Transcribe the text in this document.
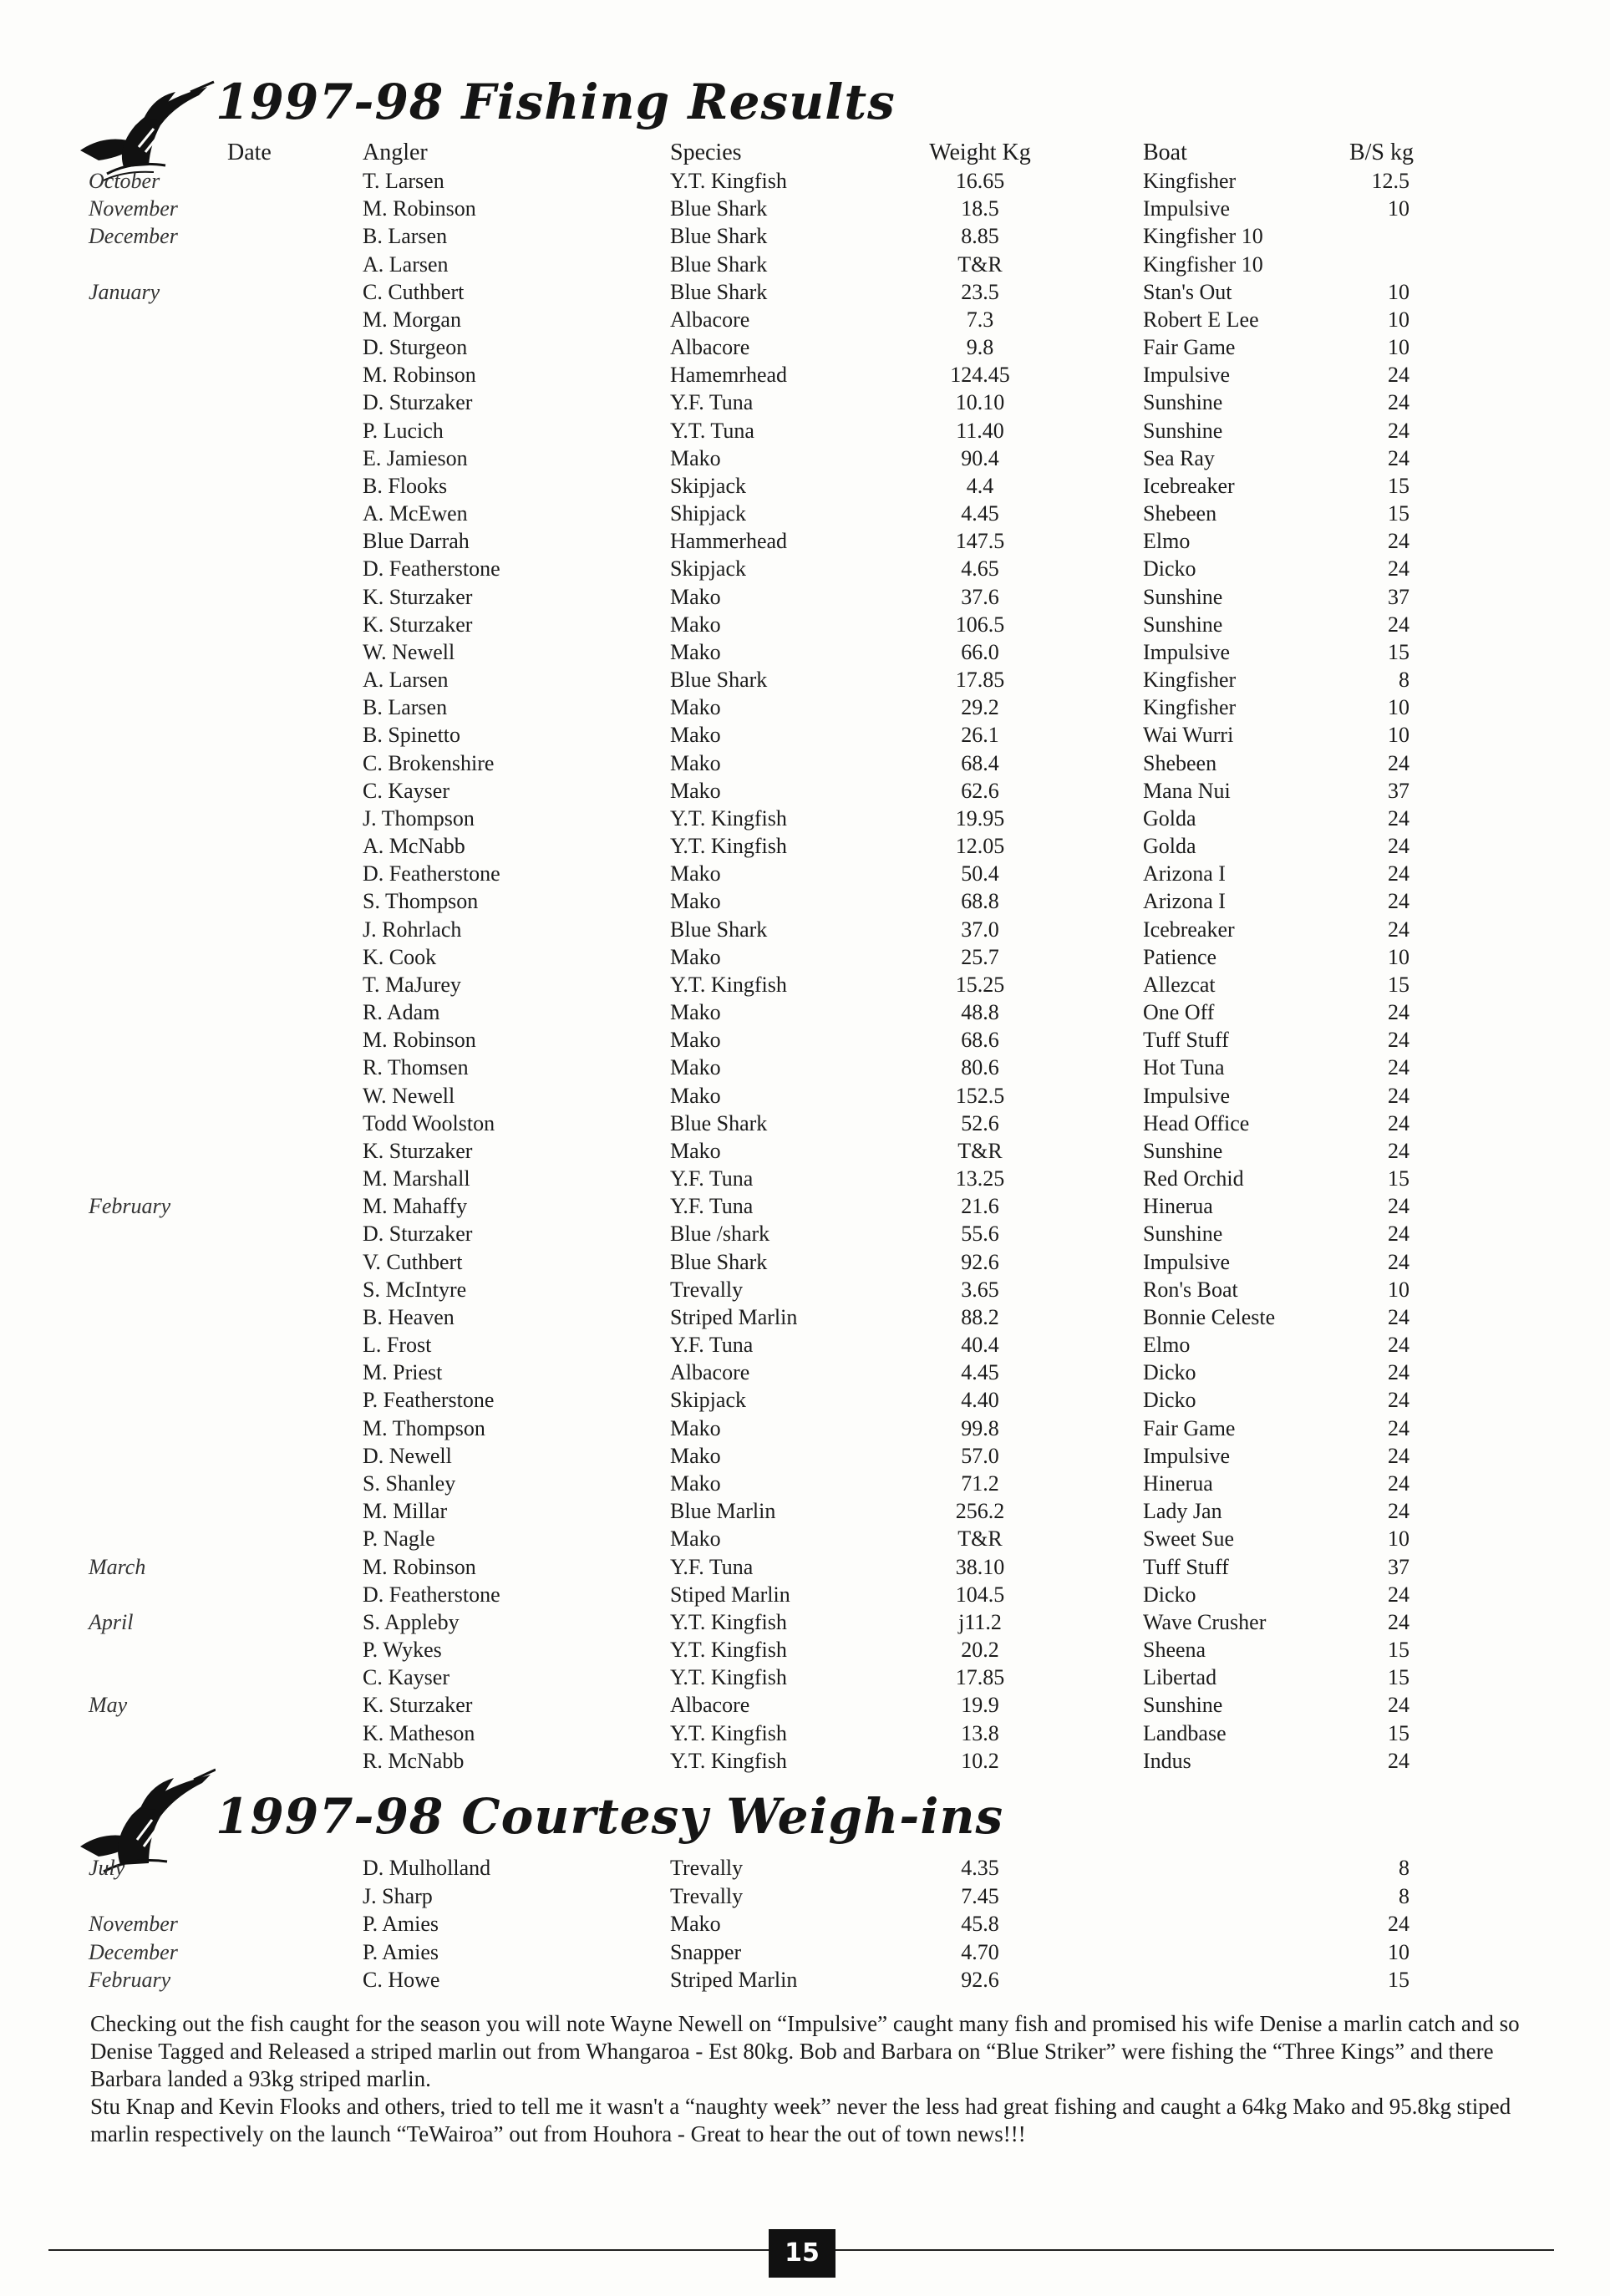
1997-98 Fishing Results
Date	Angler	Species	Weight Kg	Boat	B/S kg
October	T. Larsen	Y.T. Kingfish	16.65	Kingfisher	12.5
November	M. Robinson	Blue Shark	18.5	Impulsive	10
December	B. Larsen	Blue Shark	8.85	Kingfisher 10
A. Larsen	Blue Shark	T&R	Kingfisher 10
January	C. Cuthbert	Blue Shark	23.5	Stan's Out	10
M. Morgan	Albacore	7.3	Robert E Lee	10
D. Sturgeon	Albacore	9.8	Fair Game	10
M. Robinson	Hamemrhead	124.45	Impulsive	24
D. Sturzaker	Y.F. Tuna	10.10	Sunshine	24
P. Lucich	Y.T. Tuna	11.40	Sunshine	24
E. Jamieson	Mako	90.4	Sea Ray	24
B. Flooks	Skipjack	4.4	Icebreaker	15
A. McEwen	Shipjack	4.45	Shebeen	15
Blue Darrah	Hammerhead	147.5	Elmo	24
D. Featherstone	Skipjack	4.65	Dicko	24
K. Sturzaker	Mako	37.6	Sunshine	37
K. Sturzaker	Mako	106.5	Sunshine	24
W. Newell	Mako	66.0	Impulsive	15
A. Larsen	Blue Shark	17.85	Kingfisher	8
B. Larsen	Mako	29.2	Kingfisher	10
B. Spinetto	Mako	26.1	Wai Wurri	10
C. Brokenshire	Mako	68.4	Shebeen	24
C. Kayser	Mako	62.6	Mana Nui	37
J. Thompson	Y.T. Kingfish	19.95	Golda	24
A. McNabb	Y.T. Kingfish	12.05	Golda	24
D. Featherstone	Mako	50.4	Arizona I	24
S. Thompson	Mako	68.8	Arizona I	24
J. Rohrlach	Blue Shark	37.0	Icebreaker	24
K. Cook	Mako	25.7	Patience	10
T. MaJurey	Y.T. Kingfish	15.25	Allezcat	15
R. Adam	Mako	48.8	One Off	24
M. Robinson	Mako	68.6	Tuff Stuff	24
R. Thomsen	Mako	80.6	Hot Tuna	24
W. Newell	Mako	152.5	Impulsive	24
Todd Woolston	Blue Shark	52.6	Head Office	24
K. Sturzaker	Mako	T&R	Sunshine	24
M. Marshall	Y.F. Tuna	13.25	Red Orchid	15
February	M. Mahaffy	Y.F. Tuna	21.6	Hinerua	24
D. Sturzaker	Blue /shark	55.6	Sunshine	24
V. Cuthbert	Blue Shark	92.6	Impulsive	24
S. McIntyre	Trevally	3.65	Ron's Boat	10
B. Heaven	Striped Marlin	88.2	Bonnie Celeste	24
L. Frost	Y.F. Tuna	40.4	Elmo	24
M. Priest	Albacore	4.45	Dicko	24
P. Featherstone	Skipjack	4.40	Dicko	24
M. Thompson	Mako	99.8	Fair Game	24
D. Newell	Mako	57.0	Impulsive	24
S. Shanley	Mako	71.2	Hinerua	24
M. Millar	Blue Marlin	256.2	Lady Jan	24
P. Nagle	Mako	T&R	Sweet Sue	10
March	M. Robinson	Y.F. Tuna	38.10	Tuff Stuff	37
D. Featherstone	Stiped Marlin	104.5	Dicko	24
April	S. Appleby	Y.T. Kingfish	j11.2	Wave Crusher	24
P. Wykes	Y.T. Kingfish	20.2	Sheena	15
C. Kayser	Y.T. Kingfish	17.85	Libertad	15
May	K. Sturzaker	Albacore	19.9	Sunshine	24
K. Matheson	Y.T. Kingfish	13.8	Landbase	15
R. McNabb	Y.T. Kingfish	10.2	Indus	24
1997-98 Courtesy Weigh-ins
July	D. Mulholland	Trevally	4.35	8
J. Sharp	Trevally	7.45	8
November	P. Amies	Mako	45.8	24
December	P. Amies	Snapper	4.70	10
February	C. Howe	Striped Marlin	92.6	15

Checking out the fish caught for the season you will note Wayne Newell on “Impulsive” caught many fish and promised his wife Denise a marlin catch and so Denise Tagged and Released a striped marlin out from Whangaroa - Est 80kg. Bob and Barbara on “Blue Striker” were fishing the “Three Kings” and there Barbara landed a 93kg striped marlin.

Stu Knap and Kevin Flooks and others, tried to tell me it wasn't a “naughty week” never the less had great fishing and caught a 64kg Mako and 95.8kg stiped marlin respectively on the launch “TeWairoa” out from Houhora - Great to hear the out of town news!!!

15
